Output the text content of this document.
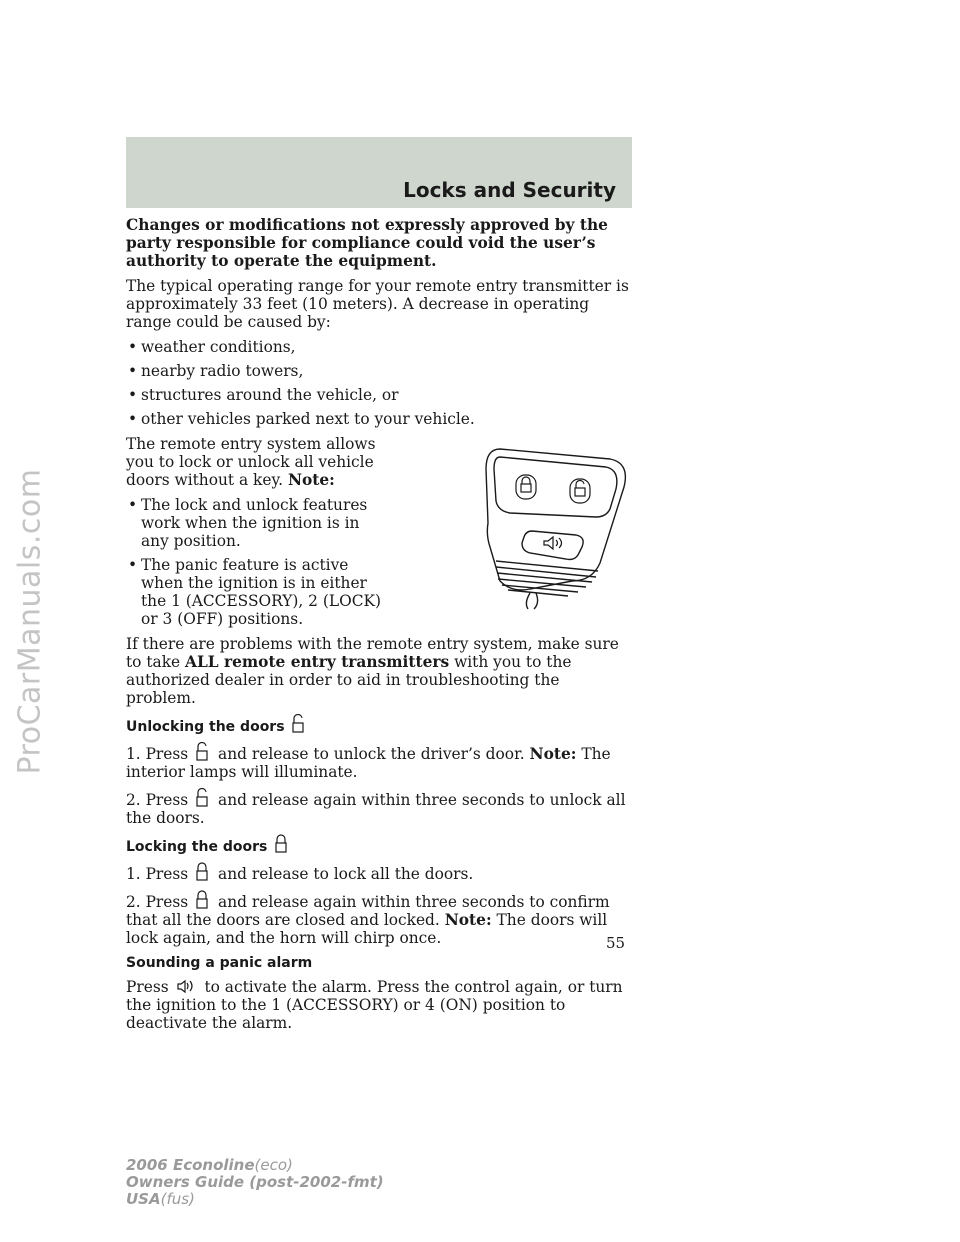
ProCarManuals.com
Locks and Security

Changes or modifications not expressly approved by the party responsible for compliance could void the user’s authority to operate the equipment.

The typical operating range for your remote entry transmitter is approximately 33 feet (10 meters). A decrease in operating range could be caused by:

• weather conditions,
• nearby radio towers,
• structures around the vehicle, or
• other vehicles parked next to your vehicle.

The remote entry system allows you to lock or unlock all vehicle doors without a key. Note:

• The lock and unlock features work when the ignition is in any position.
• The panic feature is active when the ignition is in either the 1 (ACCESSORY), 2 (LOCK) or 3 (OFF) positions.

If there are problems with the remote entry system, make sure to take ALL remote entry transmitters with you to the authorized dealer in order to aid in troubleshooting the problem.

Unlocking the doors

1. Press and release to unlock the driver’s door. Note: The interior lamps will illuminate.

2. Press and release again within three seconds to unlock all the doors.

Locking the doors

1. Press and release to lock all the doors.

2. Press and release again within three seconds to confirm that all the doors are closed and locked. Note: The doors will lock again, and the horn will chirp once.

Sounding a panic alarm

Press to activate the alarm. Press the control again, or turn the ignition to the 1 (ACCESSORY) or 4 (ON) position to deactivate the alarm.

55
2006 Econoline(eco)
Owners Guide (post-2002-fmt)
USA(fus)
